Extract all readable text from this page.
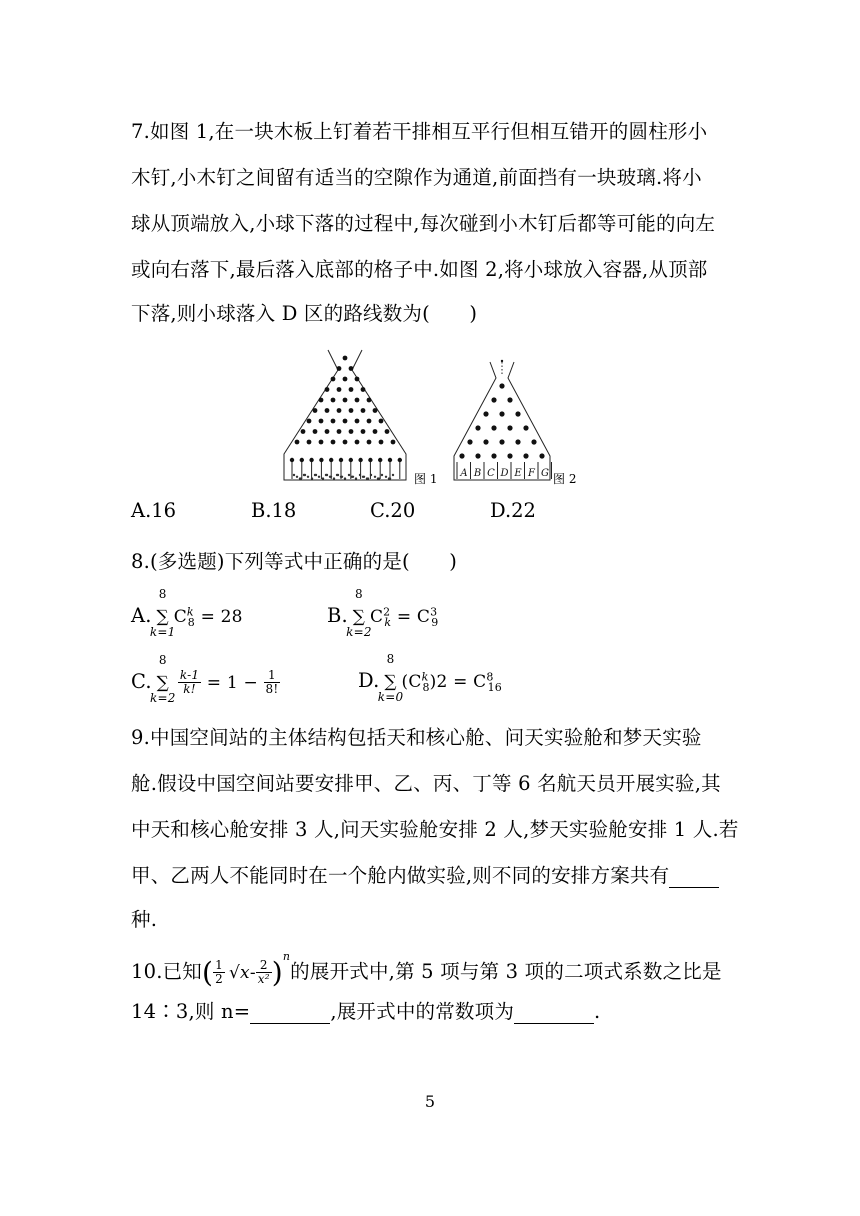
7.如图 1,在一块木板上钉着若干排相互平行但相互错开的圆柱形小
木钉,小木钉之间留有适当的空隙作为通道,前面挡有一块玻璃.将小
球从顶端放入,小球下落的过程中,每次碰到小木钉后都等可能的向左
或向右落下,最后落入底部的格子中.如图 2,将小球放入容器,从顶部
下落,则小球落入 D 区的路线数为(　　)
图 1 A B C D E F G 图 2
A.16	B.18	C.20	D.22
8.(多选题)下列等式中正确的是(　　)
A.
8
∑
k=1
$C^k_8 = 28$	B.
8
∑
k=2
$C^2_k = C^3_9$
C.
8
∑
k=2
$\frac{k-1}{k!} = 1 - \frac{1}{8!}$	D.
8
∑
k=0
$(C^k_8)2 = C^8_{16}$
9.中国空间站的主体结构包括天和核心舱、问天实验舱和梦天实验
舱.假设中国空间站要安排甲、乙、丙、丁等 6 名航天员开展实验,其
中天和核心舱安排 3 人,问天实验舱安排 2 人,梦天实验舱安排 1 人.若
甲、乙两人不能同时在一个舱内做实验,则不同的安排方案共有
种.
10.已知( $\frac{1}{2} √x- \frac{2}{\text{x²}} )^n$的展开式中,第 5 项与第 3 项的二项式系数之比是
14∶3,则 n=	,展开式中的常数项为	.
5
